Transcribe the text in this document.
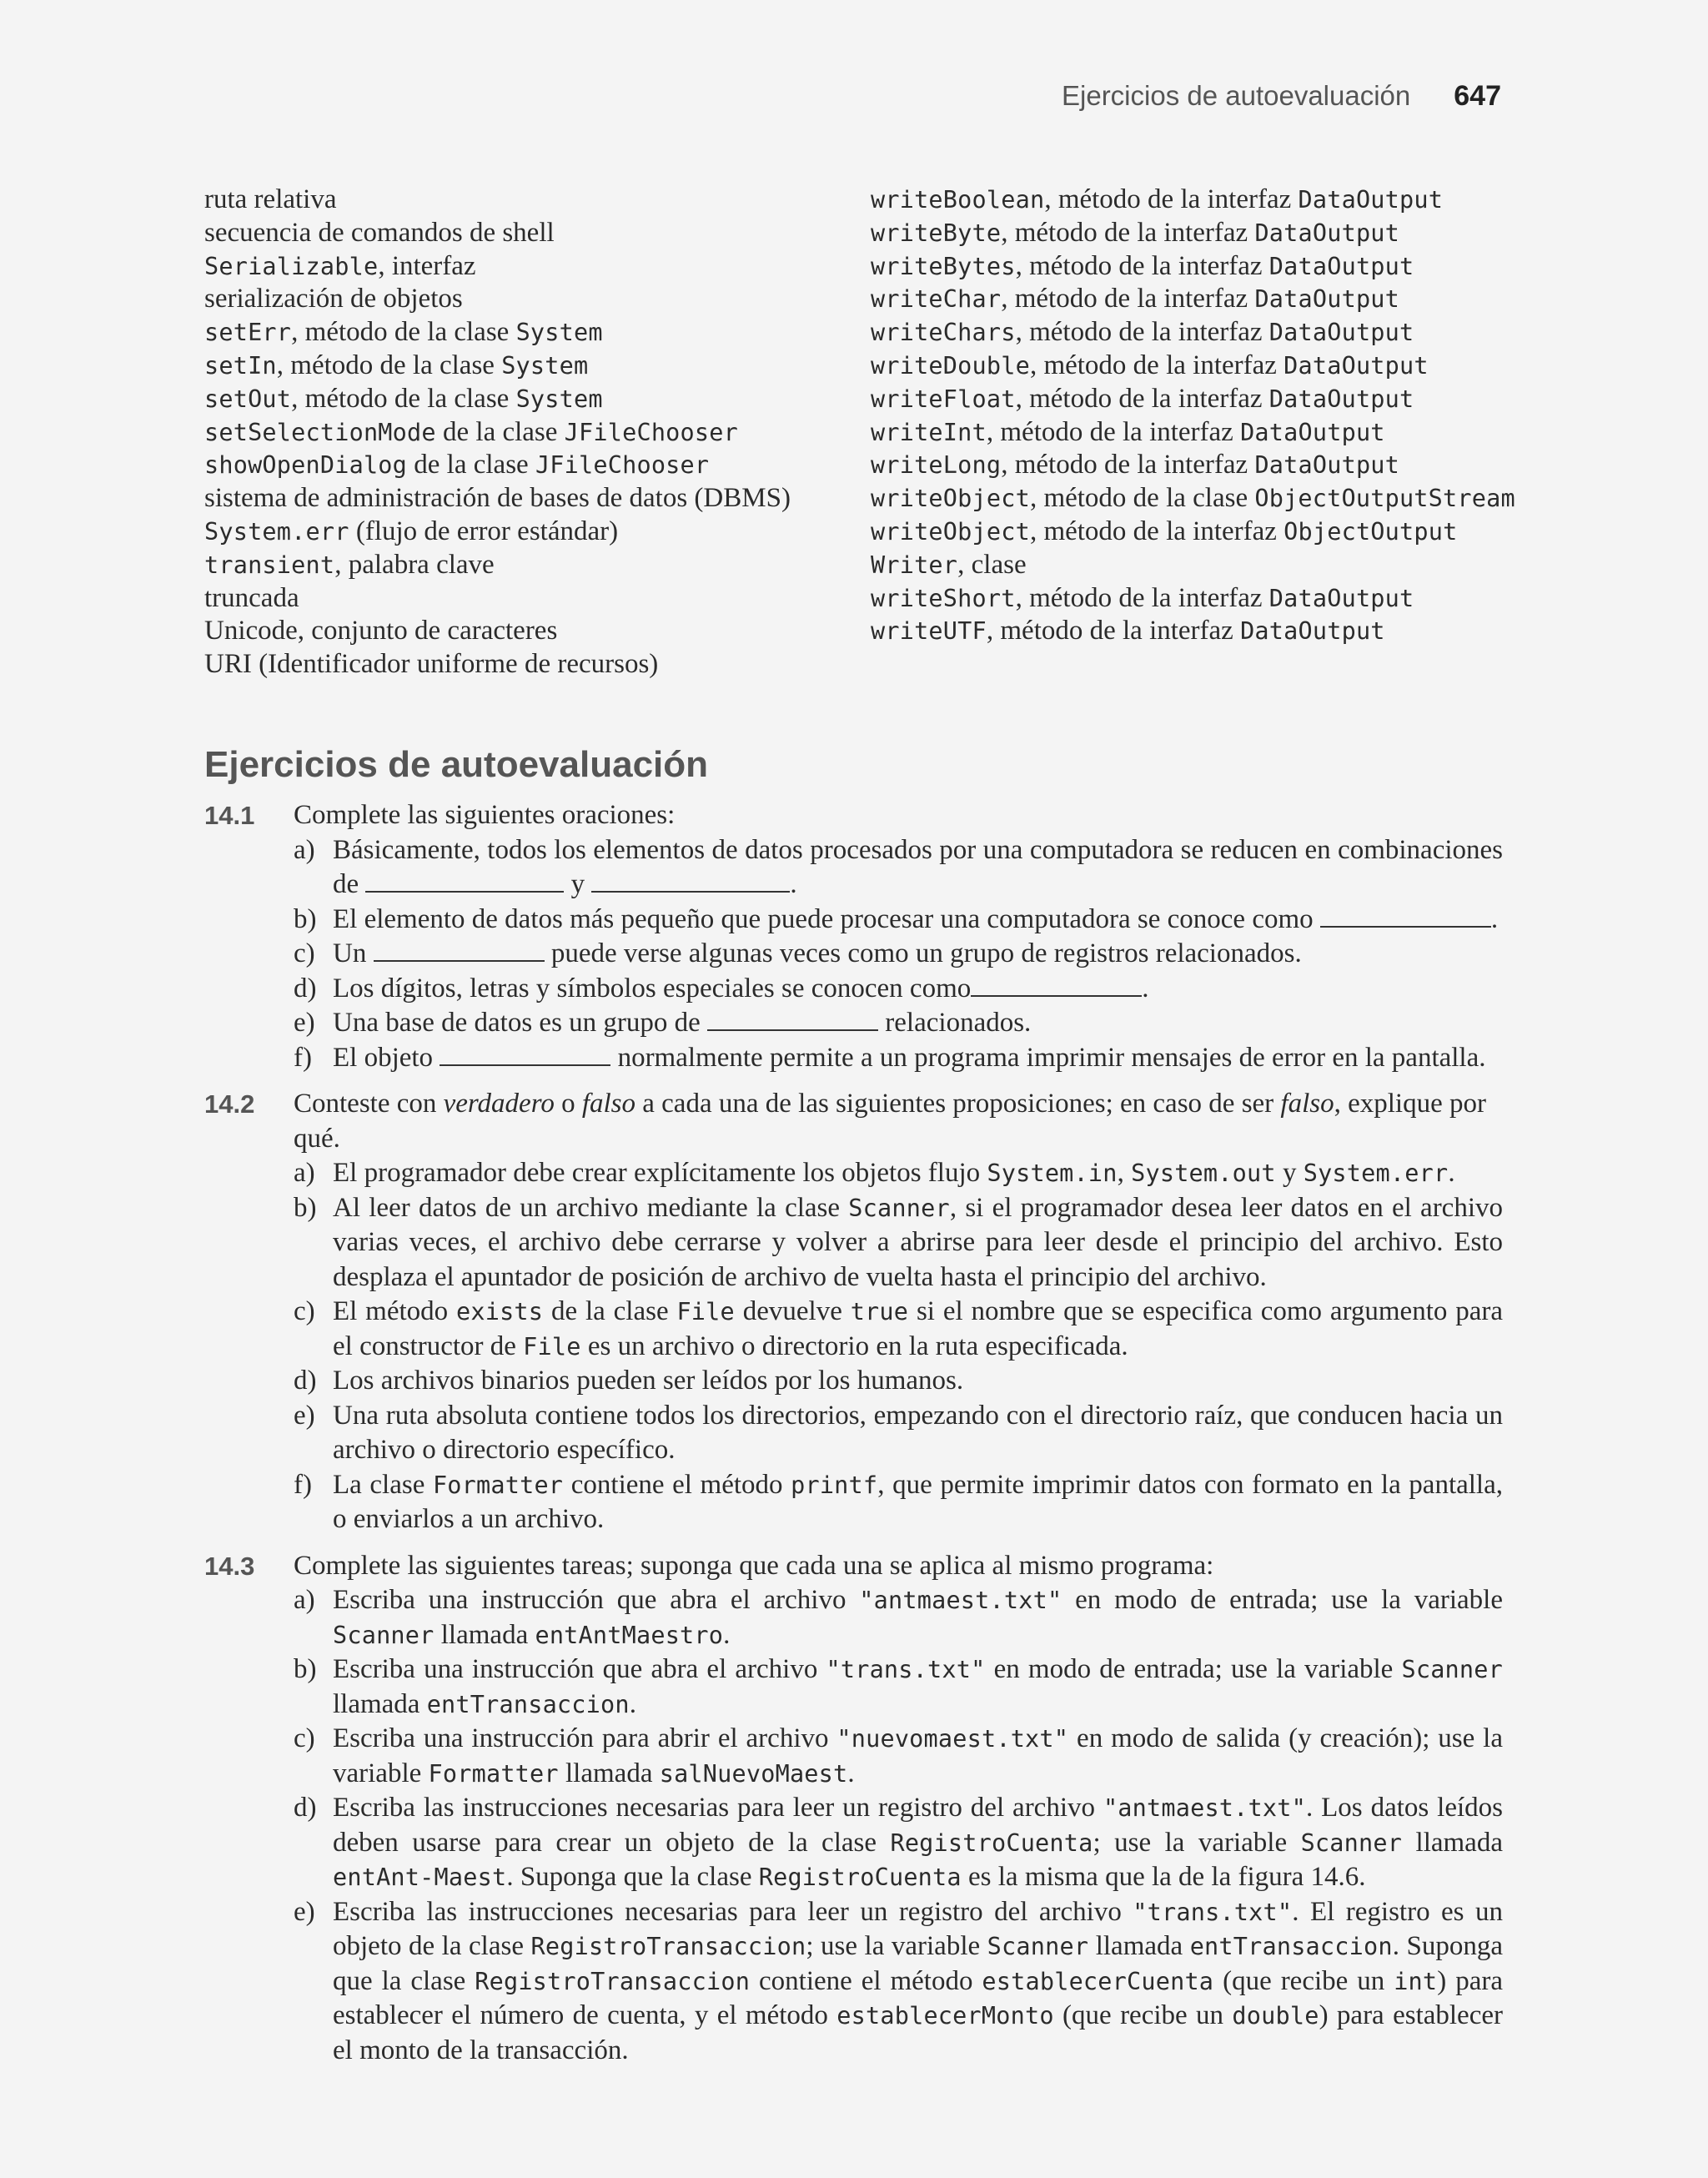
Ejercicios de autoevaluación 647
ruta relativa
secuencia de comandos de shell
Serializable, interfaz
serialización de objetos
setErr, método de la clase System
setIn, método de la clase System
setOut, método de la clase System
setSelectionMode de la clase JFileChooser
showOpenDialog de la clase JFileChooser
sistema de administración de bases de datos (DBMS)
System.err (flujo de error estándar)
transient, palabra clave
truncada
Unicode, conjunto de caracteres
URI (Identificador uniforme de recursos)
writeBoolean, método de la interfaz DataOutput
writeByte, método de la interfaz DataOutput
writeBytes, método de la interfaz DataOutput
writeChar, método de la interfaz DataOutput
writeChars, método de la interfaz DataOutput
writeDouble, método de la interfaz DataOutput
writeFloat, método de la interfaz DataOutput
writeInt, método de la interfaz DataOutput
writeLong, método de la interfaz DataOutput
writeObject, método de la clase ObjectOutputStream
writeObject, método de la interfaz ObjectOutput
Writer, clase
writeShort, método de la interfaz DataOutput
writeUTF, método de la interfaz DataOutput
Ejercicios de autoevaluación
14.1 Complete las siguientes oraciones:
a) Básicamente, todos los elementos de datos procesados por una computadora se reducen en combinaciones de	y	.
b) El elemento de datos más pequeño que puede procesar una computadora se conoce como	.
c) Un	puede verse algunas veces como un grupo de registros relacionados.
d) Los dígitos, letras y símbolos especiales se conocen como	.
e) Una base de datos es un grupo de	relacionados.
f) El objeto	normalmente permite a un programa imprimir mensajes de error en la pantalla.
14.2 Conteste con verdadero o falso a cada una de las siguientes proposiciones; en caso de ser falso, explique por qué.
a) El programador debe crear explícitamente los objetos flujo System.in, System.out y System.err.
b) Al leer datos de un archivo mediante la clase Scanner, si el programador desea leer datos en el archivo varias veces, el archivo debe cerrarse y volver a abrirse para leer desde el principio del archivo. Esto desplaza el apuntador de posición de archivo de vuelta hasta el principio del archivo.
c) El método exists de la clase File devuelve true si el nombre que se especifica como argumento para el constructor de File es un archivo o directorio en la ruta especificada.
d) Los archivos binarios pueden ser leídos por los humanos.
e) Una ruta absoluta contiene todos los directorios, empezando con el directorio raíz, que conducen hacia un archivo o directorio específico.
f) La clase Formatter contiene el método printf, que permite imprimir datos con formato en la pantalla, o enviarlos a un archivo.
14.3 Complete las siguientes tareas; suponga que cada una se aplica al mismo programa:
a) Escriba una instrucción que abra el archivo "antmaest.txt" en modo de entrada; use la variable Scanner llamada entAntMaestro.
b) Escriba una instrucción que abra el archivo "trans.txt" en modo de entrada; use la variable Scanner llamada entTransaccion.
c) Escriba una instrucción para abrir el archivo "nuevomaest.txt" en modo de salida (y creación); use la variable Formatter llamada salNuevoMaest.
d) Escriba las instrucciones necesarias para leer un registro del archivo "antmaest.txt". Los datos leídos deben usarse para crear un objeto de la clase RegistroCuenta; use la variable Scanner llamada entAnt-Maest. Suponga que la clase RegistroCuenta es la misma que la de la figura 14.6.
e) Escriba las instrucciones necesarias para leer un registro del archivo "trans.txt". El registro es un objeto de la clase RegistroTransaccion; use la variable Scanner llamada entTransaccion. Suponga que la clase RegistroTransaccion contiene el método establecerCuenta (que recibe un int) para establecer el número de cuenta, y el método establecerMonto (que recibe un double) para establecer el monto de la transacción.
